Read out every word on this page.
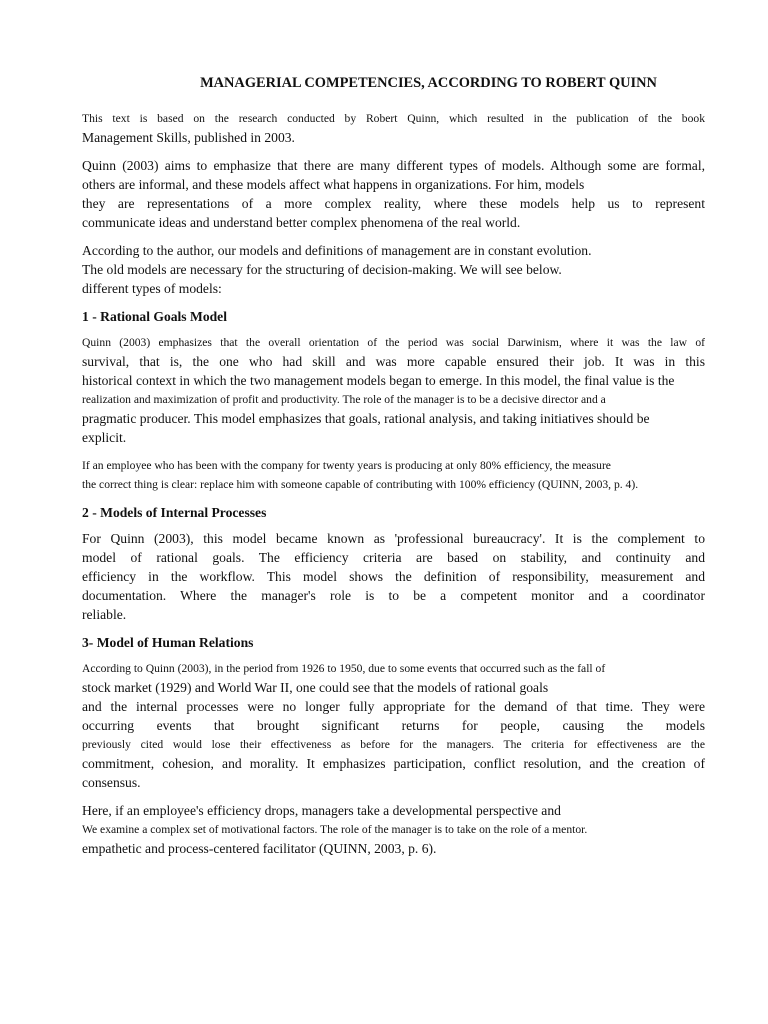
MANAGERIAL COMPETENCIES, ACCORDING TO ROBERT QUINN

This text is based on the research conducted by Robert Quinn, which resulted in the publication of the book
Management Skills, published in 2003.

Quinn (2003) aims to emphasize that there are many different types of models. Although some are formal,
others are informal, and these models affect what happens in organizations. For him, models
they are representations of a more complex reality, where these models help us to represent
communicate ideas and understand better complex phenomena of the real world.

According to the author, our models and definitions of management are in constant evolution.
The old models are necessary for the structuring of decision-making. We will see below.
different types of models:

1 - Rational Goals Model

Quinn (2003) emphasizes that the overall orientation of the period was social Darwinism, where it was the law of
survival, that is, the one who had skill and was more capable ensured their job. It was in this
historical context in which the two management models began to emerge. In this model, the final value is the
realization and maximization of profit and productivity. The role of the manager is to be a decisive director and a
pragmatic producer. This model emphasizes that goals, rational analysis, and taking initiatives should be
explicit.

If an employee who has been with the company for twenty years is producing at only 80% efficiency, the measure
the correct thing is clear: replace him with someone capable of contributing with 100% efficiency (QUINN, 2003, p. 4).

2 - Models of Internal Processes

For Quinn (2003), this model became known as 'professional bureaucracy'. It is the complement to
model of rational goals. The efficiency criteria are based on stability, and continuity and
efficiency in the workflow. This model shows the definition of responsibility, measurement and
documentation. Where the manager's role is to be a competent monitor and a coordinator
reliable.

3- Model of Human Relations

According to Quinn (2003), in the period from 1926 to 1950, due to some events that occurred such as the fall of
stock market (1929) and World War II, one could see that the models of rational goals
and the internal processes were no longer fully appropriate for the demand of that time. They were
occurring events that brought significant returns for people, causing the models
previously cited would lose their effectiveness as before for the managers. The criteria for effectiveness are the
commitment, cohesion, and morality. It emphasizes participation, conflict resolution, and the creation of
consensus.

Here, if an employee's efficiency drops, managers take a developmental perspective and
We examine a complex set of motivational factors. The role of the manager is to take on the role of a mentor.
empathetic and process-centered facilitator (QUINN, 2003, p. 6).
